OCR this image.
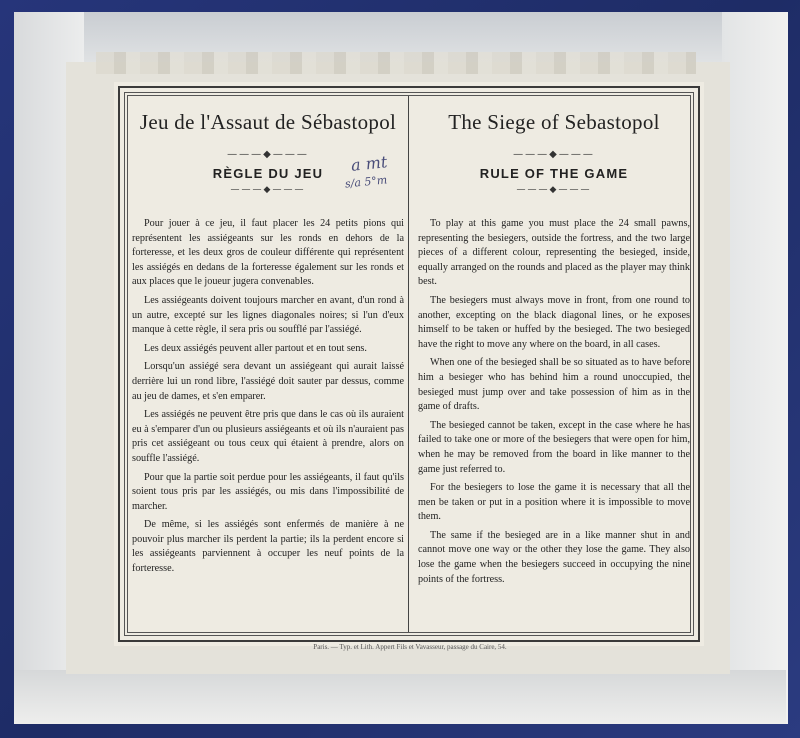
Jeu de l'Assaut de Sébastopol
———◆———
RÈGLE DU JEU
———◆———

Pour jouer à ce jeu, il faut placer les 24 petits pions qui représentent les assiégeants sur les ronds en dehors de la forteresse, et les deux gros de couleur différente qui représentent les assiégés en dedans de la forteresse également sur les ronds et aux places que le joueur jugera convenables.

Les assiégeants doivent toujours marcher en avant, d'un rond à un autre, excepté sur les lignes diagonales noires; si l'un d'eux manque à cette règle, il sera pris ou soufflé par l'assiégé.

Les deux assiégés peuvent aller partout et en tout sens.

Lorsqu'un assiégé sera devant un assiégeant qui aurait laissé derrière lui un rond libre, l'assiégé doit sauter par dessus, comme au jeu de dames, et s'en emparer.

Les assiégés ne peuvent être pris que dans le cas où ils auraient eu à s'emparer d'un ou plusieurs assiégeants et où ils n'auraient pas pris cet assiégeant ou tous ceux qui étaient à prendre, alors on souffle l'assiégé.

Pour que la partie soit perdue pour les assiégeants, il faut qu'ils soient tous pris par les assiégés, ou mis dans l'impossibilité de marcher.

De même, si les assiégés sont enfermés de manière à ne pouvoir plus marcher ils perdent la partie; ils la perdent encore si les assiégeants parviennent à occuper les neuf points de la forteresse.

The Siege of Sebastopol
———◆———
RULE OF THE GAME
———◆———

To play at this game you must place the 24 small pawns, representing the besiegers, outside the fortress, and the two large pieces of a different colour, representing the besieged, inside, equally arranged on the rounds and placed as the player may think best.

The besiegers must always move in front, from one round to another, excepting on the black diagonal lines, or he exposes himself to be taken or huffed by the besieged. The two besieged have the right to move any where on the board, in all cases.

When one of the besieged shall be so situated as to have before him a besieger who has behind him a round unoccupied, the besieged must jump over and take possession of him as in the game of drafts.

The besieged cannot be taken, except in the case where he has failed to take one or more of the besiegers that were open for him, when he may be removed from the board in like manner to the game just referred to.

For the besiegers to lose the game it is necessary that all the men be taken or put in a position where it is impossible to move them.

The same if the besieged are in a like manner shut in and cannot move one way or the other they lose the game. They also lose the game when the besiegers succeed in occupying the nine points of the fortress.

a mt
s/a 5°m
Paris. — Typ. et Lith. Appert Fils et Vavasseur, passage du Caire, 54.
